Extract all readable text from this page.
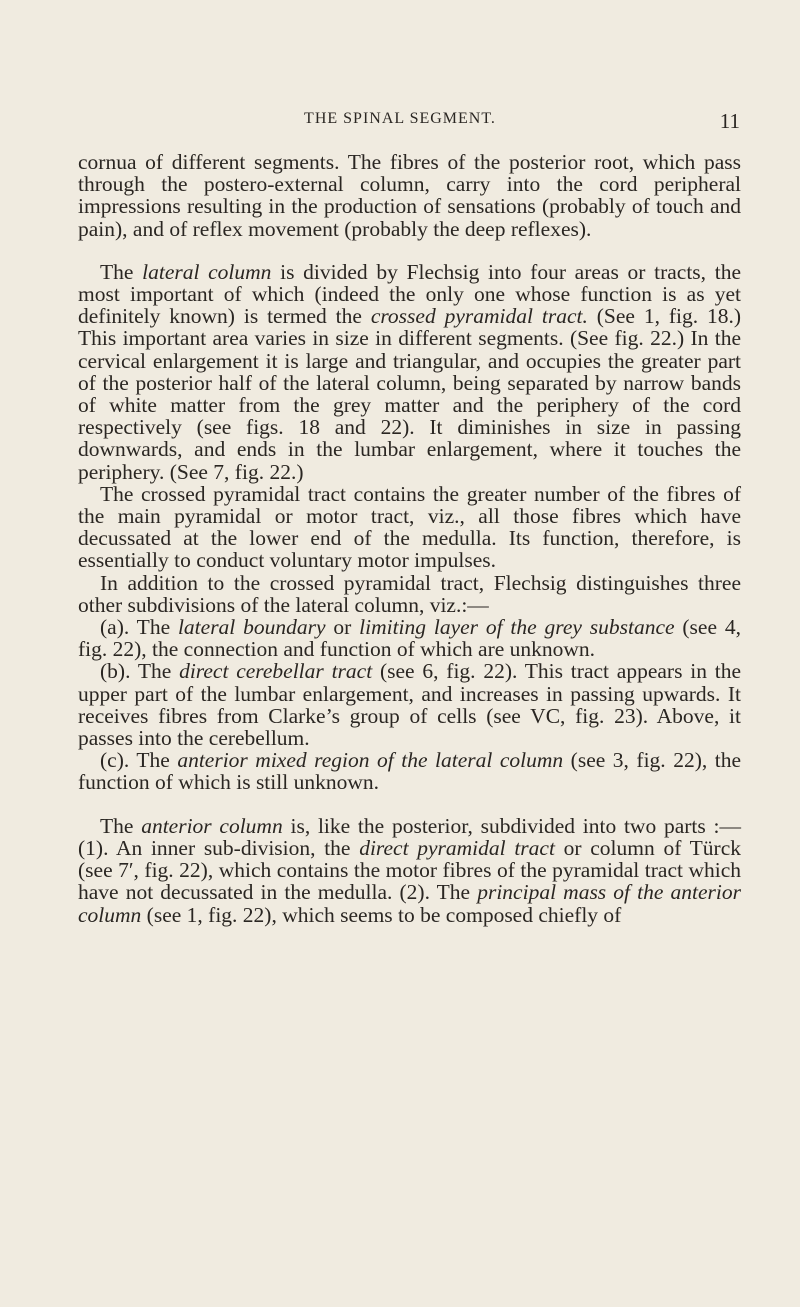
THE SPINAL SEGMENT.	11

cornua of different segments. The fibres of the posterior root, which pass through the postero-external column, carry into the cord peripheral impressions resulting in the production of sensations (probably of touch and pain), and of reflex movement (probably the deep reflexes).

The lateral column is divided by Flechsig into four areas or tracts, the most important of which (indeed the only one whose function is as yet definitely known) is termed the crossed pyramidal tract. (See 1, fig. 18.) This important area varies in size in different segments. (See fig. 22.) In the cervical enlargement it is large and triangular, and occupies the greater part of the posterior half of the lateral column, being separated by narrow bands of white matter from the grey matter and the periphery of the cord respectively (see figs. 18 and 22). It diminishes in size in passing downwards, and ends in the lumbar enlargement, where it touches the periphery. (See 7, fig. 22.)

The crossed pyramidal tract contains the greater number of the fibres of the main pyramidal or motor tract, viz., all those fibres which have decussated at the lower end of the medulla. Its function, therefore, is essentially to conduct voluntary motor impulses.

In addition to the crossed pyramidal tract, Flechsig distinguishes three other subdivisions of the lateral column, viz.:—

(a). The lateral boundary or limiting layer of the grey substance (see 4, fig. 22), the connection and function of which are unknown.

(b). The direct cerebellar tract (see 6, fig. 22). This tract appears in the upper part of the lumbar enlargement, and increases in passing upwards. It receives fibres from Clarke’s group of cells (see VC, fig. 23). Above, it passes into the cerebellum.

(c). The anterior mixed region of the lateral column (see 3, fig. 22), the function of which is still unknown.

The anterior column is, like the posterior, subdivided into two parts :—(1). An inner sub-division, the direct pyramidal tract or column of Türck (see 7′, fig. 22), which contains the motor fibres of the pyramidal tract which have not decussated in the medulla. (2). The principal mass of the anterior column (see 1, fig. 22), which seems to be composed chiefly of
